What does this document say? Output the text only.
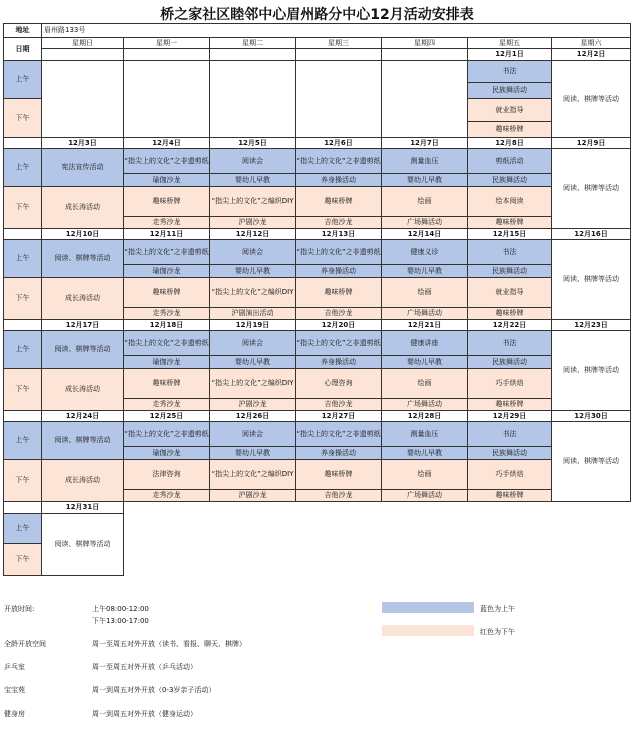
桥之家社区睦邻中心眉州路分中心12月活动安排表
地址	眉州路133号						
日期	星期日	星期一	星期二	星期三	星期四	星期五	星期六
						12月1日	12月2日
上午						书法	阅读、棋牌等活动
						民族舞活动	
下午						就业指导	
						趣味桥牌	
	12月3日	12月4日	12月5日	12月6日	12月7日	12月8日	12月9日
上午	宪法宣传活动	“指尖上的文化”之非遗剪纸	阅读会	“指尖上的文化”之非遗剪纸	测量血压	剪纸活动	阅读、棋牌等活动
		瑜伽沙龙	婴幼儿早教	养身操活动	婴幼儿早教	民族舞活动	
下午	成长涛活动	趣味桥牌	“指尖上的文化”之编织DIY	趣味桥牌	绘画	绘本阅读	
		走秀沙龙	沪剧沙龙	吉他沙龙	广场舞活动	趣味桥牌	
	12月10日	12月11日	12月12日	12月13日	12月14日	12月15日	12月16日
上午	阅读、棋牌等活动	“指尖上的文化”之非遗剪纸	阅读会	“指尖上的文化”之非遗剪纸	健康义诊	书法	阅读、棋牌等活动
		瑜伽沙龙	婴幼儿早教	养身操活动	婴幼儿早教	民族舞活动	
下午	成长涛活动	趣味桥牌	“指尖上的文化”之编织DIY	趣味桥牌	绘画	就业指导	
		走秀沙龙	沪剧演出活动	吉他沙龙	广场舞活动	趣味桥牌	
	12月17日	12月18日	12月19日	12月20日	12月21日	12月22日	12月23日
上午	阅读、棋牌等活动	“指尖上的文化”之非遗剪纸	阅读会	“指尖上的文化”之非遗剪纸	健康讲座	书法	阅读、棋牌等活动
		瑜伽沙龙	婴幼儿早教	养身操活动	婴幼儿早教	民族舞活动	
下午	成长涛活动	趣味桥牌	“指尖上的文化”之编织DIY	心理咨询	绘画	巧手烘焙	
		走秀沙龙	沪剧沙龙	吉他沙龙	广场舞活动	趣味桥牌	
	12月24日	12月25日	12月26日	12月27日	12月28日	12月29日	12月30日
上午	阅读、棋牌等活动	“指尖上的文化”之非遗剪纸	阅读会	“指尖上的文化”之非遗剪纸	测量血压	书法	阅读、棋牌等活动
		瑜伽沙龙	婴幼儿早教	养身操活动	婴幼儿早教	民族舞活动	
下午	成长涛活动	法律咨询	“指尖上的文化”之编织DIY	趣味桥牌	绘画	巧手烘焙	
		走秀沙龙	沪剧沙龙	吉他沙龙	广场舞活动	趣味桥牌	
	12月31日						
上午	阅读、棋牌等活动						
下午							
开放时间:	上午08:00-12:00
下午13:00-17:00
蓝色为上午
红色为下午
全龄开放空间	周一至周五对外开放（读书、看报、聊天、棋牌）
乒乓室	周一至周五对外开放（乒乓活动）
宝宝苑	周一到周五对外开放（0-3岁亲子活动）
健身房	周一到周五对外开放（健身运动）
